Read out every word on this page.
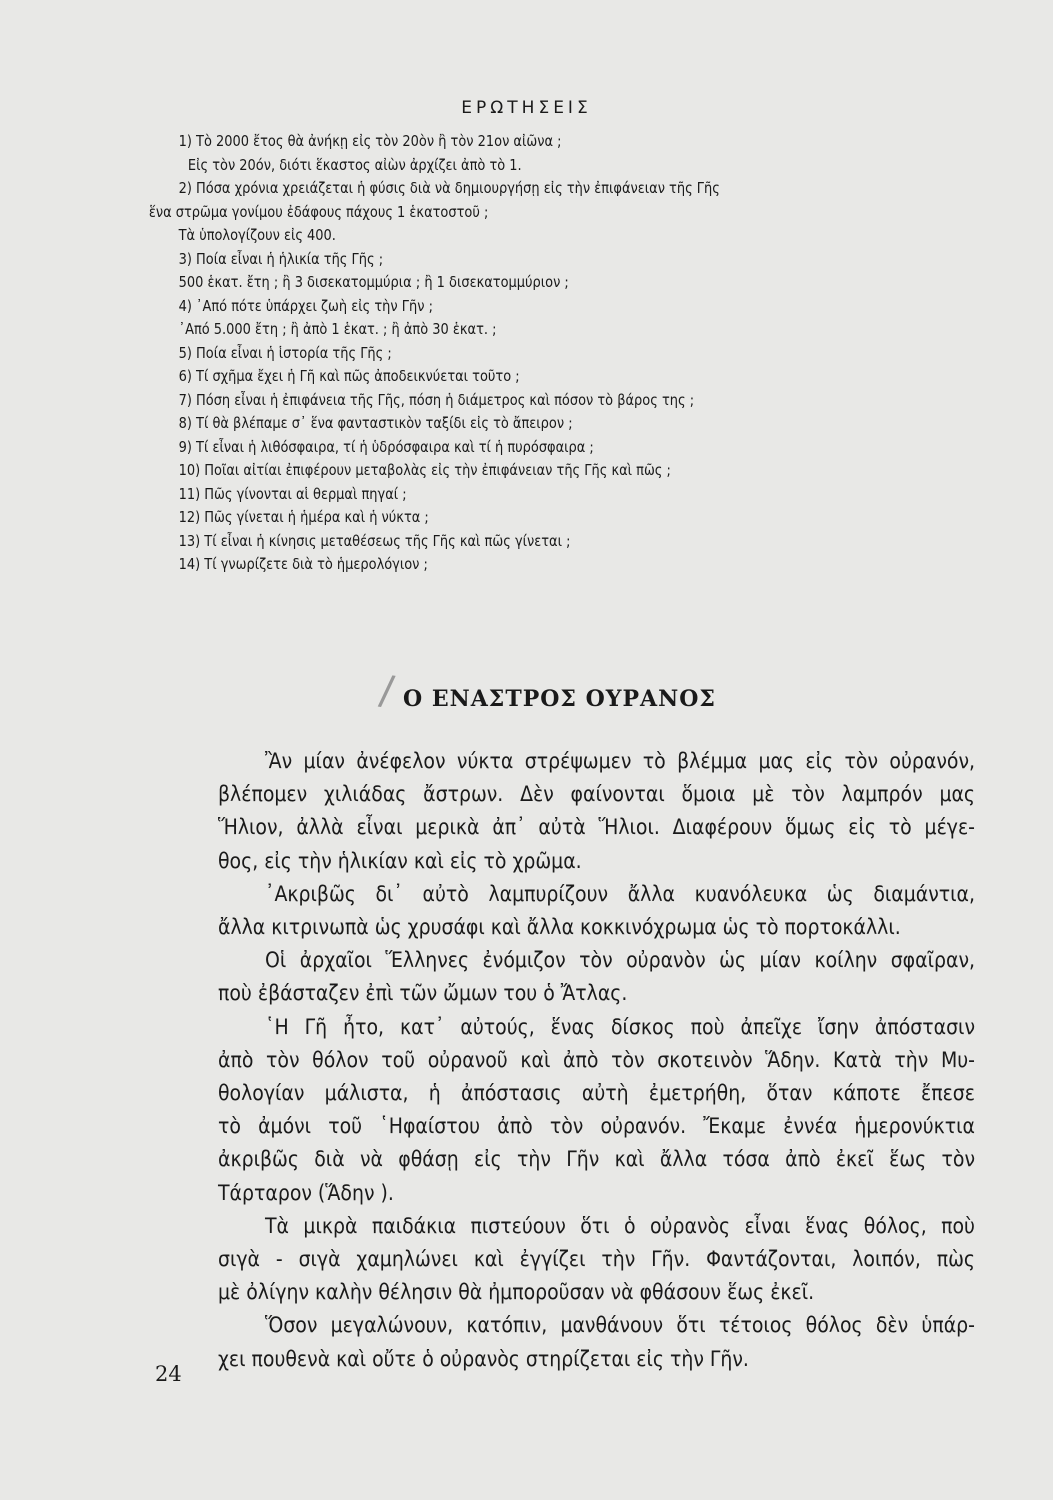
ΕΡΩΤΗΣΕΙΣ
1) Τὸ 2000 ἔτος θὰ ἀνήκῃ εἰς τὸν 20ὸν ἢ τὸν 21ον αἰῶνα ;
Εἰς τὸν 20όν, διότι ἕκαστος αἰὼν ἀρχίζει ἀπὸ τὸ 1.
2) Πόσα χρόνια χρειάζεται ἡ φύσις διὰ νὰ δημιουργήσῃ εἰς τὴν ἐπιφάνειαν τῆς Γῆς
ἕνα στρῶμα γονίμου ἐδάφους πάχους 1 ἑκατοστοῦ ;
Τὰ ὑπολογίζουν εἰς 400.
3) Ποία εἶναι ἡ ἡλικία τῆς Γῆς ;
500 ἑκατ. ἔτη ; ἢ 3 δισεκατομμύρια ; ἢ 1 δισεκατομμύριον ;
4) ᾿Από πότε ὑπάρχει ζωὴ εἰς τὴν Γῆν ;
᾿Από 5.000 ἔτη ; ἢ ἀπὸ 1 ἑκατ. ; ἢ ἀπὸ 30 ἑκατ. ;
5) Ποία εἶναι ἡ ἱστορία τῆς Γῆς ;
6) Τί σχῆμα ἔχει ἡ Γῆ καὶ πῶς ἀποδεικνύεται τοῦτο ;
7) Πόση εἶναι ἡ ἐπιφάνεια τῆς Γῆς, πόση ἡ διάμετρος καὶ πόσον τὸ βάρος της ;
8) Τί θὰ βλέπαμε σ᾿ ἕνα φανταστικὸν ταξίδι εἰς τὸ ἄπειρον ;
9) Τί εἶναι ἡ λιθόσφαιρα, τί ἡ ὑδρόσφαιρα καὶ τί ἡ πυρόσφαιρα ;
10) Ποῖαι αἰτίαι ἐπιφέρουν μεταβολὰς εἰς τὴν ἐπιφάνειαν τῆς Γῆς καὶ πῶς ;
11) Πῶς γίνονται αἱ θερμαὶ πηγαί ;
12) Πῶς γίνεται ἡ ἡμέρα καὶ ἡ νύκτα ;
13) Τί εἶναι ἡ κίνησις μεταθέσεως τῆς Γῆς καὶ πῶς γίνεται ;
14) Τί γνωρίζετε διὰ τὸ ἡμερολόγιον ;
/ Ο ΕΝΑΣΤΡΟΣ ΟΥΡΑΝΟΣ
Ἂν μίαν ἀνέφελον νύκτα στρέψωμεν τὸ βλέμμα μας εἰς τὸν οὐρανόν,
βλέπομεν χιλιάδας ἄστρων. Δὲν φαίνονται ὅμοια μὲ τὸν λαμπρόν μας
Ἥλιον, ἀλλὰ εἶναι μερικὰ ἀπ᾿ αὐτὰ Ἥλιοι. Διαφέρουν ὅμως εἰς τὸ μέγε-
θος, εἰς τὴν ἡλικίαν καὶ εἰς τὸ χρῶμα.
᾿Ακριβῶς δι᾿ αὐτὸ λαμπυρίζουν ἄλλα κυανόλευκα ὡς διαμάντια,
ἄλλα κιτρινωπὰ ὡς χρυσάφι καὶ ἄλλα κοκκινόχρωμα ὡς τὸ πορτοκάλλι.
Οἱ ἀρχαῖοι Ἕλληνες ἐνόμιζον τὸν οὐρανὸν ὡς μίαν κοίλην σφαῖραν,
ποὺ ἐβάσταζεν ἐπὶ τῶν ὤμων του ὁ Ἄτλας.
῾Η Γῆ ἦτο, κατ᾿ αὐτούς, ἕνας δίσκος ποὺ ἀπεῖχε ἴσην ἀπόστασιν
ἀπὸ τὸν θόλον τοῦ οὐρανοῦ καὶ ἀπὸ τὸν σκοτεινὸν Ἅδην. Κατὰ τὴν Μυ-
θολογίαν μάλιστα, ἡ ἀπόστασις αὐτὴ ἐμετρήθη, ὅταν κάποτε ἔπεσε
τὸ ἀμόνι τοῦ ῾Ηφαίστου ἀπὸ τὸν οὐρανόν. Ἔκαμε ἐννέα ἡμερονύκτια
ἀκριβῶς διὰ νὰ φθάσῃ εἰς τὴν Γῆν καὶ ἄλλα τόσα ἀπὸ ἐκεῖ ἕως τὸν
Τάρταρον (Ἅδην ).
Τὰ μικρὰ παιδάκια πιστεύουν ὅτι ὁ οὐρανὸς εἶναι ἕνας θόλος, ποὺ
σιγὰ - σιγὰ χαμηλώνει καὶ ἐγγίζει τὴν Γῆν. Φαντάζονται, λοιπόν, πὼς
μὲ ὀλίγην καλὴν θέλησιν θὰ ἠμποροῦσαν νὰ φθάσουν ἕως ἐκεῖ.
Ὅσον μεγαλώνουν, κατόπιν, μανθάνουν ὅτι τέτοιος θόλος δὲν ὑπάρ-
χει πουθενὰ καὶ οὔτε ὁ οὐρανὸς στηρίζεται εἰς τὴν Γῆν.
24
